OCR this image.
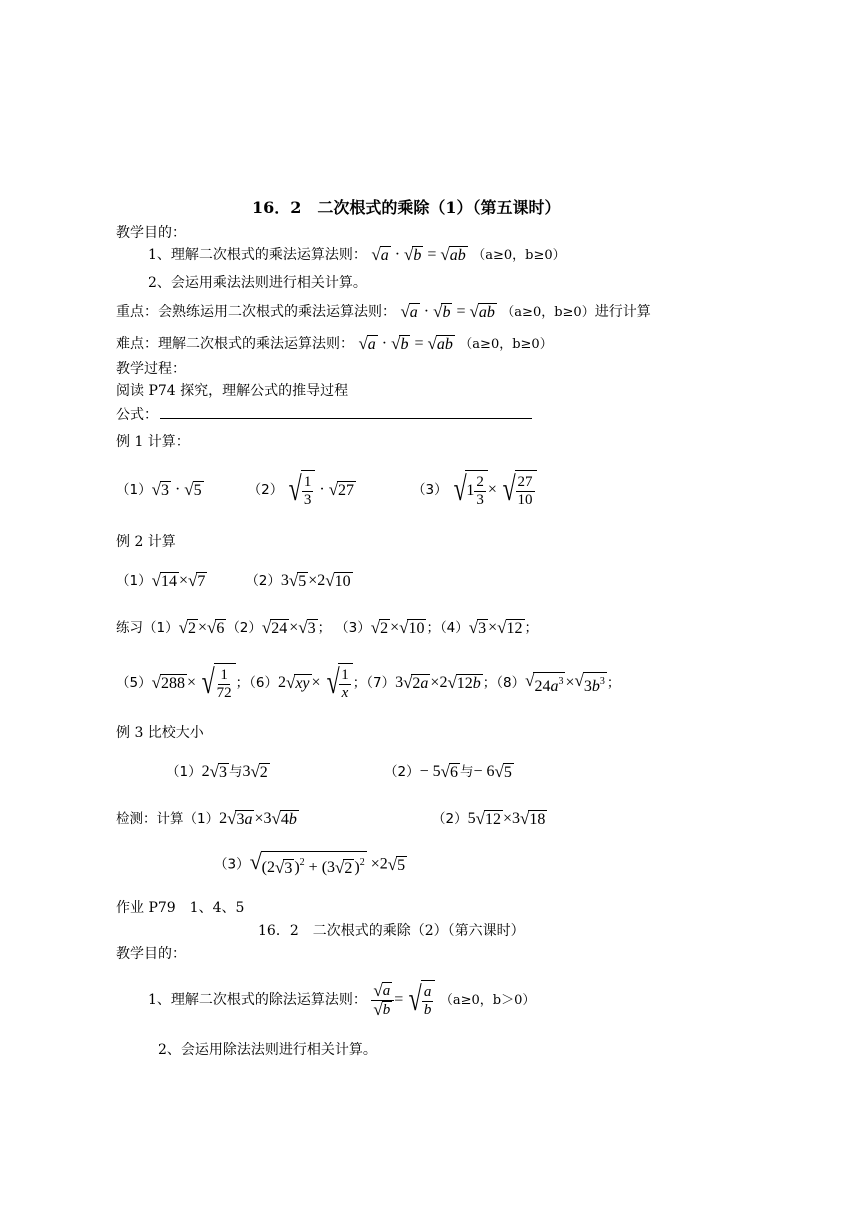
16．2　二次根式的乘除（1）（第五课时）
教学目的：
1、理解二次根式的乘法运算法则： √ a · √ b = √ ab （a≥0，b≥0）
2、会运用乘法法则进行相关计算。
重点：会熟练运用二次根式的乘法运算法则： √ a · √ b = √ ab （a≥0，b≥0）进行计算
难点：理解二次根式的乘法运算法则： √ a · √ b = √ ab （a≥0，b≥0）
教学过程：
阅读 P74 探究，理解公式的推导过程
公式：
例 1 计算：
（1） √ 3 · √ 5	（2） √ $\frac{1}{3}$ · √ 27	（3） √ $1 \frac{2}{3}$ × √ $\frac{27}{10}$
例 2 计算
（1） √ 14 × √ 7	（2）3 √ 5 ×2 √ 10
练习（1） √ 2 × √ 6 （2） √ 24 × √ 3 ； （3） √ 2 × √ 10 ；（4） √ 3 × √ 12 ；
（5） √ 288 × √ $\frac{1}{72}$ ；（6）2 √ xy × √ $\frac{1}{x}$ ；（7）3 √ 2a ×2 √ 12b ；（8） √ $24a^3$ × √ $3b^3$ ；
例 3 比校大小
（1）2 √ 3 与3 √ 2	（2）− 5 √ 6 与− 6 √ 5
检测：计算（1）2 √ 3a ×3 √ 4b	（2）5 √ 12 ×3 √ 18
（3） √ (2 √ 3 )$^2$ + (3 √ 2 )$^2$ ×2 √ 5
作业 P79　1、4、5
16．2　二次根式的乘除（2）（第六课时）
教学目的：
1、理解二次根式的除法运算法则： $\frac{√ a}{√ b}$ = √ $\frac{a}{b} (a\ge 0$，b＞0）
2、会运用除法法则进行相关计算。
